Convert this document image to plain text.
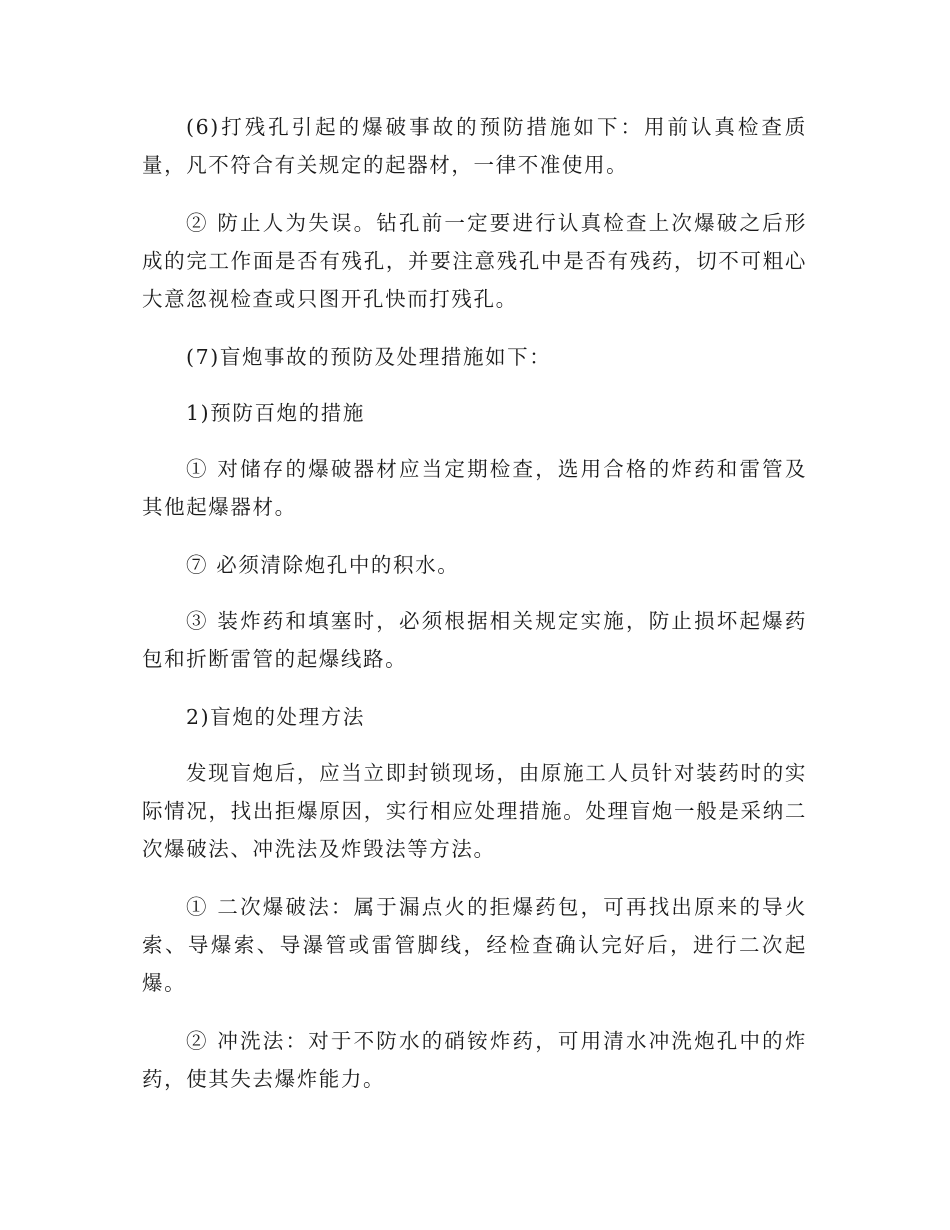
(6)打残孔引起的爆破事故的预防措施如下：用前认真检查质量，凡不符合有关规定的起器材，一律不准使用。

② 防止人为失误。钻孔前一定要进行认真检查上次爆破之后形成的完工作面是否有残孔，并要注意残孔中是否有残药，切不可粗心大意忽视检查或只图开孔快而打残孔。

(7)盲炮事故的预防及处理措施如下：

1)预防百炮的措施

① 对储存的爆破器材应当定期检查，选用合格的炸药和雷管及其他起爆器材。

⑦ 必须清除炮孔中的积水。

③ 装炸药和填塞时，必须根据相关规定实施，防止损坏起爆药包和折断雷管的起爆线路。

2)盲炮的处理方法

发现盲炮后，应当立即封锁现场，由原施工人员针对装药时的实际情况，找出拒爆原因，实行相应处理措施。处理盲炮一般是采纳二次爆破法、冲洗法及炸毁法等方法。

① 二次爆破法：属于漏点火的拒爆药包，可再找出原来的导火索、导爆索、导瀑管或雷管脚线，经检查确认完好后，进行二次起爆。

② 冲洗法：对于不防水的硝铵炸药，可用清水冲洗炮孔中的炸药，使其失去爆炸能力。
